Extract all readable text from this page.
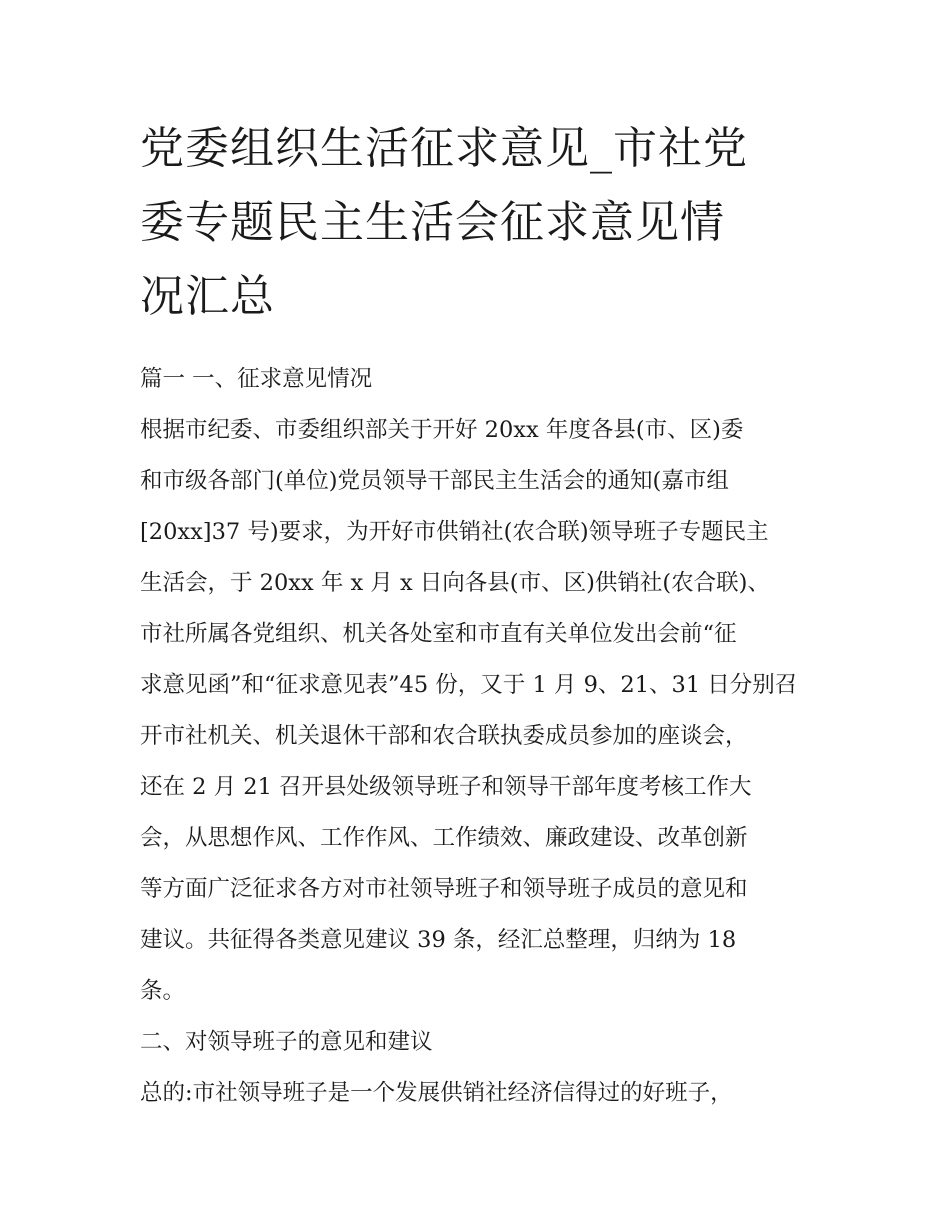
党委组织生活征求意见_市社党
委专题民主生活会征求意见情
况汇总
篇一 一、征求意见情况
根据市纪委、市委组织部关于开好 20xx 年度各县(市、区)委
和市级各部门(单位)党员领导干部民主生活会的通知(嘉市组
[20xx]37 号)要求，为开好市供销社(农合联)领导班子专题民主
生活会，于 20xx 年 x 月 x 日向各县(市、区)供销社(农合联)、
市社所属各党组织、机关各处室和市直有关单位发出会前“征
求意见函”和“征求意见表”45 份，又于 1 月 9、21、31 日分别召
开市社机关、机关退休干部和农合联执委成员参加的座谈会，
还在 2 月 21 召开县处级领导班子和领导干部年度考核工作大
会，从思想作风、工作作风、工作绩效、廉政建设、改革创新
等方面广泛征求各方对市社领导班子和领导班子成员的意见和
建议。共征得各类意见建议 39 条，经汇总整理，归纳为 18
条。
二、对领导班子的意见和建议
总的:市社领导班子是一个发展供销社经济信得过的好班子，
